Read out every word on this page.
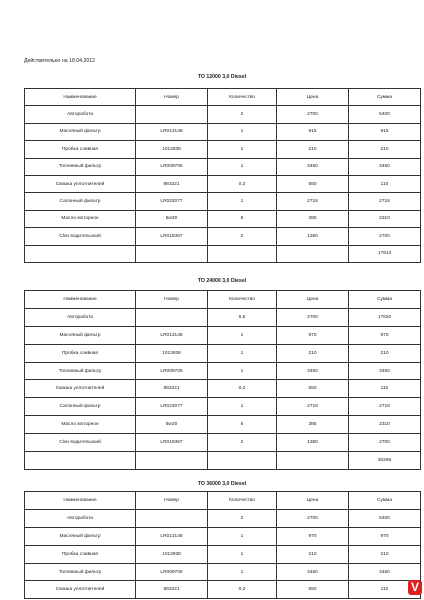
Действительно на 18.04.2012
ТО 12000 3,0 Diesel
Наименование	Номер	Количество	Цена	Сумма
Авторабота		2	2700	5400
Масляный фильтр	LR013148	1	915	915
Пробка сливная	1013938	1	210	210
Топливный фильтр	LR009705	1	3450	3450
Смазка уплотнителей	893221	0,2	550	110
Салонный фильтр	LR023077	1	2718	2718
Масло моторное	5w30	6	385	2310
Clон водительский	LR018367	2	1350	2700
				17813
ТО 24000 3,0 Diesel
Наименование	Номер	Количество	Цена	Сумма
Авторабота		6,6	2700	17820
Масляный фильтр	LR013148	1	970	970
Пробка сливная	1013938	1	210	210
Топливный фильтр	LR009705	1	3450	3450
Смазка уплотнителей	893221	0,2	550	110
Салонный фильтр	LR023077	1	2718	2718
Масло моторное	5w30	6	385	2310
Clон водительский	LR018367	2	1350	2700
				30288
ТО 36000 3,0 Diesel
Наименование	Номер	Количество	Цена	Сумма
Авторабота		2	2700	5400
Масляный фильтр	LR013148	1	970	970
Пробка сливная	1013938	1	210	210
Топливный фильтр	LR009705	1	3450	3450
Смазка уплотнителей	893221	0,2	550	110 V
